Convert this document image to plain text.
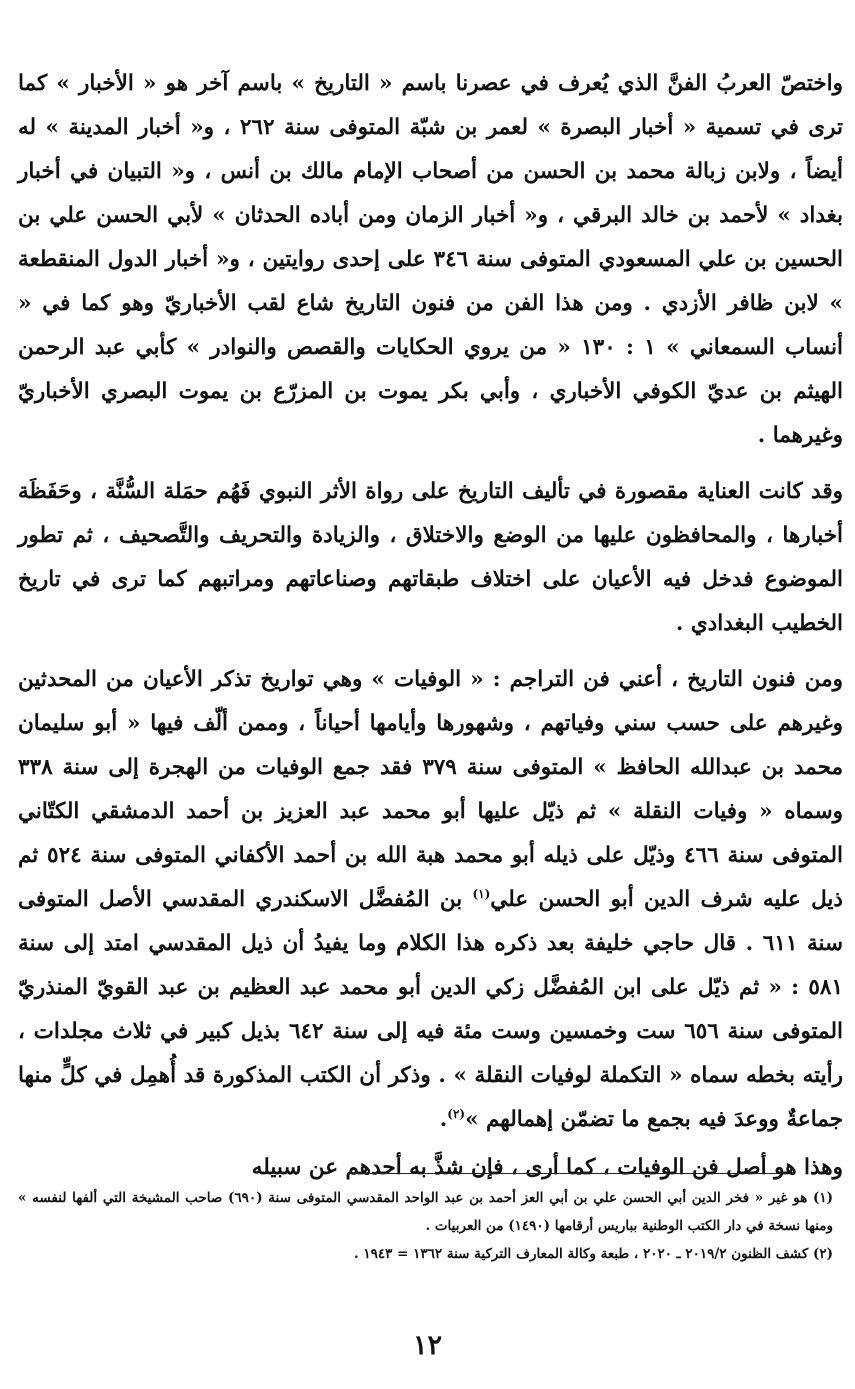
واختصّ العربُ الفنَّ الذي يُعرف في عصرنا باسم « التاريخ » باسم آخر هو « الأخبار » كما ترى في تسمية « أخبار البصرة » لعمر بن شبّة المتوفى سنة ٢٦٢ ، و« أخبار المدينة » له أيضاً ، ولابن زبالة محمد بن الحسن من أصحاب الإمام مالك بن أنس ، و« التبيان في أخبار بغداد » لأحمد بن خالد البرقي ، و« أخبار الزمان ومن أباده الحدثان » لأبي الحسن علي بن الحسين بن علي المسعودي المتوفى سنة ٣٤٦ على إحدى روايتين ، و« أخبار الدول المنقطعة » لابن ظافر الأزدي . ومن هذا الفن من فنون التاريخ شاع لقب الأخباريّ وهو كما في « أنساب السمعاني » ١ : ١٣٠ « من يروي الحكايات والقصص والنوادر » كأبي عبد الرحمن الهيثم بن عديّ الكوفي الأخباري ، وأبي بكر يموت بن المزرّع بن يموت البصري الأخباريّ وغيرهما .

وقد كانت العناية مقصورة في تأليف التاريخ على رواة الأثر النبوي فَهُم حمَلة السُّنَّة ، وحَفَظَة أخبارها ، والمحافظون عليها من الوضع والاختلاق ، والزيادة والتحريف والتَّصحيف ، ثم تطور الموضوع فدخل فيه الأعيان على اختلاف طبقاتهم وصناعاتهم ومراتبهم كما ترى في تاريخ الخطيب البغدادي .

ومن فنون التاريخ ، أعني فن التراجم : « الوفيات » وهي تواريخ تذكر الأعيان من المحدثين وغيرهم على حسب سني وفياتهم ، وشهورها وأيامها أحياناً ، وممن ألّف فيها « أبو سليمان محمد بن عبدالله الحافظ » المتوفى سنة ٣٧٩ فقد جمع الوفيات من الهجرة إلى سنة ٣٣٨ وسماه « وفيات النقلة » ثم ذيّل عليها أبو محمد عبد العزيز بن أحمد الدمشقي الكتّاني المتوفى سنة ٤٦٦ وذيّل على ذيله أبو محمد هبة الله بن أحمد الأكفاني المتوفى سنة ٥٢٤ ثم ذيل عليه شرف الدين أبو الحسن علي$^{(١)}$ بن المُفضَّل الاسكندري المقدسي الأصل المتوفى سنة ٦١١ . قال حاجي خليفة بعد ذكره هذا الكلام وما يفيدُ أن ذيل المقدسي امتد إلى سنة ٥٨١ : « ثم ذيّل على ابن المُفضَّل زكي الدين أبو محمد عبد العظيم بن عبد القويّ المنذريّ المتوفى سنة ٦٥٦ ست وخمسين وست مئة فيه إلى سنة ٦٤٢ بذيل كبير في ثلاث مجلدات ، رأيته بخطه سماه « التكملة لوفيات النقلة » . وذكر أن الكتب المذكورة قد أُهمِل في كلٍّ منها جماعةٌ ووعدَ فيه بجمع ما تضمّن إهمالهم »$^{(٢)}$.

وهذا هو أصل فن الوفيات ، كما أرى ، فإن شذَّ به أحدهم عن سبيله

(١) هو غير « فخر الدين أبي الحسن علي بن أبي العز أحمد بن عبد الواحد المقدسي المتوفى سنة (٦٩٠) صاحب المشيخة التي ألفها لنفسه » ومنها نسخة في دار الكتب الوطنية بباريس أرقامها (١٤٩٠) من العربيات .

(٢) كشف الظنون ٢٠١٩/٢ ـ ٢٠٢٠ ، طبعة وكالة المعارف التركية سنة ١٣٦٢ = ١٩٤٣ .

١٢
